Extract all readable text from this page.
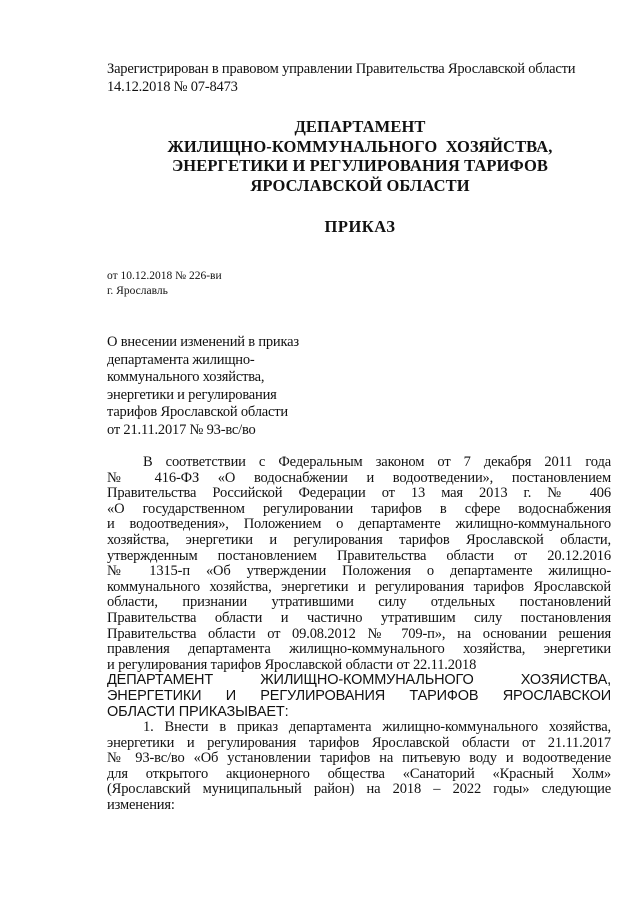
Зарегистрирован в правовом управлении Правительства Ярославской области
14.12.2018 № 07-8473
ДЕПАРТАМЕНТ
ЖИЛИЩНО-КОММУНАЛЬНОГО  ХОЗЯЙСТВА,
ЭНЕРГЕТИКИ И РЕГУЛИРОВАНИЯ ТАРИФОВ
ЯРОСЛАВСКОЙ ОБЛАСТИ
ПРИКАЗ
от 10.12.2018 № 226-ви
г. Ярославль
О внесении изменений в приказ
департамента жилищно-
коммунального хозяйства,
энергетики и регулирования
тарифов Ярославской области
от 21.11.2017 № 93-вс/во
В соответствии с Федеральным законом от 7 декабря 2011 года
№ 416-ФЗ «О водоснабжении и водоотведении», постановлением
Правительства Российской Федерации от 13 мая 2013 г. № 406
«О государственном регулировании тарифов в сфере водоснабжения
и водоотведения», Положением о департаменте жилищно-коммунального
хозяйства, энергетики и регулирования тарифов Ярославской области,
утвержденным постановлением Правительства области от 20.12.2016
№ 1315-п «Об утверждении Положения о департаменте жилищно-
коммунального хозяйства, энергетики и регулирования тарифов Ярославской
области, признании утратившими силу отдельных постановлений
Правительства области и частично утратившим силу постановления
Правительства области от 09.08.2012 № 709-п», на основании решения
правления департамента жилищно-коммунального хозяйства, энергетики
и регулирования тарифов Ярославской области от 22.11.2018
ДЕПАРТАМЕНТ ЖИЛИЩНО-КОММУНАЛЬНОГО ХОЗЯЙСТВА,
ЭНЕРГЕТИКИ И РЕГУЛИРОВАНИЯ ТАРИФОВ ЯРОСЛАВСКОЙ
ОБЛАСТИ ПРИКАЗЫВАЕТ:
1. Внести в приказ департамента жилищно-коммунального хозяйства,
энергетики и регулирования тарифов Ярославской области от 21.11.2017
№ 93-вс/во «Об установлении тарифов на питьевую воду и водоотведение
для открытого акционерного общества «Санаторий «Красный Холм»
(Ярославский муниципальный район) на 2018 – 2022 годы» следующие
изменения:
